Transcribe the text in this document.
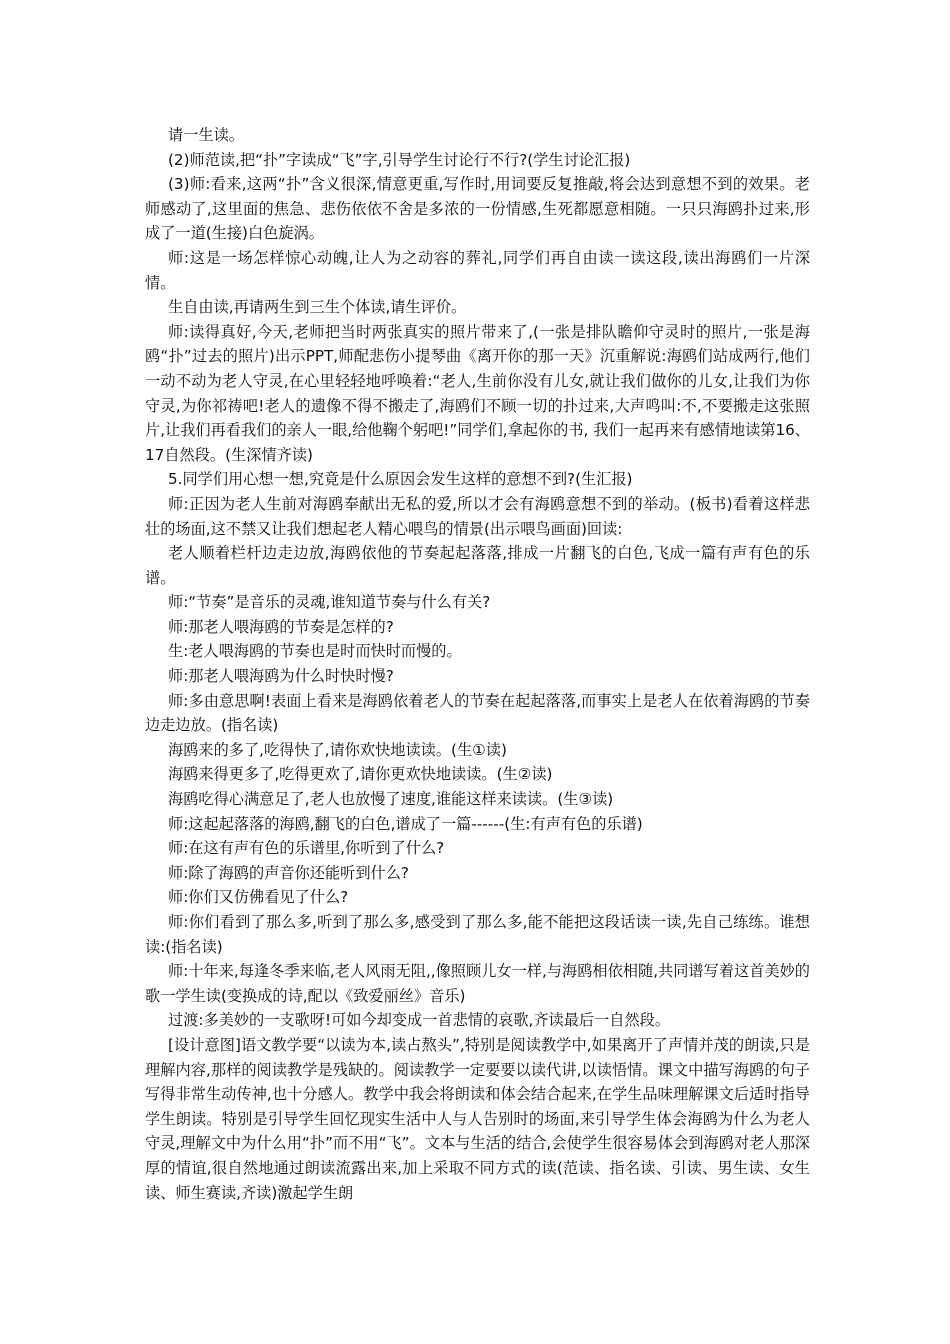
请一生读。

(2)师范读,把“扑”字读成“飞”字,引导学生讨论行不行?(学生讨论汇报)

(3)师:看来,这两“扑”含义很深,情意更重,写作时,用词要反复推敲,将会达到意想不到的效果。老师感动了,这里面的焦急、悲伤依依不舍是多浓的一份情感,生死都愿意相随。一只只海鸥扑过来,形成了一道(生接)白色旋涡。

师:这是一场怎样惊心动魄,让人为之动容的葬礼,同学们再自由读一读这段,读出海鸥们一片深情。

生自由读,再请两生到三生个体读,请生评价。

师:读得真好,今天,老师把当时两张真实的照片带来了,(一张是排队瞻仰守灵时的照片,一张是海鸥“扑”过去的照片)出示PPT,师配悲伤小提琴曲《离开你的那一天》沉重解说:海鸥们站成两行,他们一动不动为老人守灵,在心里轻轻地呼唤着:“老人,生前你没有儿女,就让我们做你的儿女,让我们为你守灵,为你祁祷吧!老人的遗像不得不搬走了,海鸥们不顾一切的扑过来,大声鸣叫:不,不要搬走这张照片,让我们再看我们的亲人一眼,给他鞠个躬吧!”同学们,拿起你的书, 我们一起再来有感情地读第16、17自然段。(生深情齐读)

5.同学们用心想一想,究竟是什么原因会发生这样的意想不到?(生汇报)

师:正因为老人生前对海鸥奉献出无私的爱,所以才会有海鸥意想不到的举动。(板书)看着这样悲壮的场面,这不禁又让我们想起老人精心喂鸟的情景(出示喂鸟画面)回读:

老人顺着栏杆边走边放,海鸥依他的节奏起起落落,排成一片翻飞的白色,飞成一篇有声有色的乐谱。

师:“节奏”是音乐的灵魂,谁知道节奏与什么有关?

师:那老人喂海鸥的节奏是怎样的?

生:老人喂海鸥的节奏也是时而快时而慢的。

师:那老人喂海鸥为什么时快时慢?

师:多由意思啊!表面上看来是海鸥依着老人的节奏在起起落落,而事实上是老人在依着海鸥的节奏边走边放。(指名读)

海鸥来的多了,吃得快了,请你欢快地读读。(生①读)

海鸥来得更多了,吃得更欢了,请你更欢快地读读。(生②读)

海鸥吃得心满意足了,老人也放慢了速度,谁能这样来读读。(生③读)

师:这起起落落的海鸥,翻飞的白色,谱成了一篇------(生:有声有色的乐谱)

师:在这有声有色的乐谱里,你听到了什么?

师:除了海鸥的声音你还能听到什么?

师:你们又仿佛看见了什么?

师:你们看到了那么多,听到了那么多,感受到了那么多,能不能把这段话读一读,先自己练练。谁想读:(指名读)

师:十年来,每逢冬季来临,老人风雨无阻,,像照顾儿女一样,与海鸥相依相随,共同谱写着这首美妙的歌一学生读(变换成的诗,配以《致爱丽丝》音乐)

过渡:多美妙的一支歌呀!可如今却变成一首悲情的哀歌,齐读最后一自然段。

[设计意图]语文教学要“以读为本,读占熬头”,特别是阅读教学中,如果离开了声情并茂的朗读,只是理解内容,那样的阅读教学是残缺的。阅读教学一定要要以读代讲,以读悟情。课文中描写海鸥的句子写得非常生动传神,也十分感人。教学中我会将朗读和体会结合起来,在学生品味理解课文后适时指导学生朗读。特别是引导学生回忆现实生活中人与人告别时的场面,来引导学生体会海鸥为什么为老人守灵,理解文中为什么用“扑”而不用“飞”。文本与生活的结合,会使学生很容易体会到海鸥对老人那深厚的情谊,很自然地通过朗读流露出来,加上采取不同方式的读(范读、指名读、引读、男生读、女生读、师生赛读,齐读)激起学生朗
